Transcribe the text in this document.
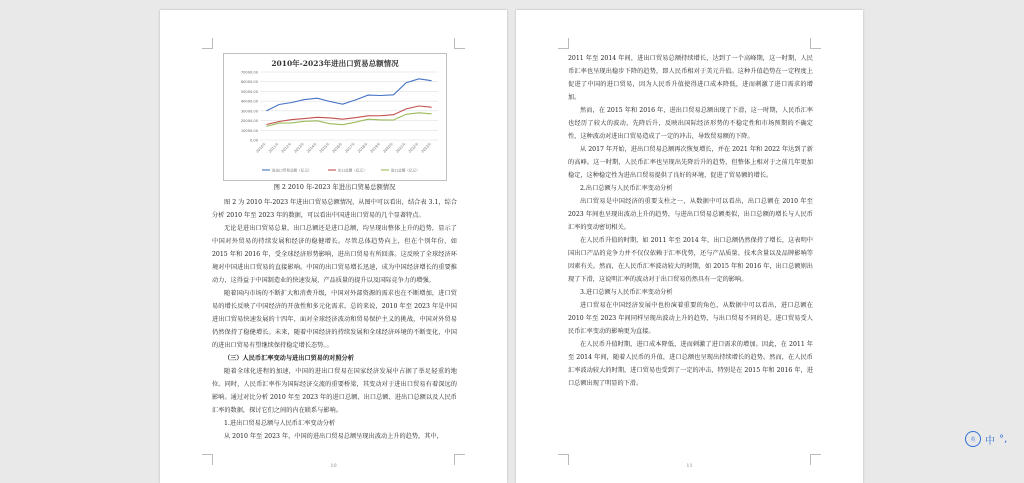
2010年-2023年进出口贸易总额情况
70000.00
60000.00
50000.00
40000.00
30000.00
20000.00
10000.00
0.00
2010年 2011年 2012年 2013年 2014年 2015年 2016年 2017年 2018年 2019年 2020年 2021年 2022年 2023年
进出口贸易总额（亿元）	出口总额（亿元）	进口总额（亿元）
图 2 2010 年-2023 年进出口贸易总额情况

图 2 为 2010 年-2023 年进出口贸易总额情况，从图中可以看出，结合表 3.1，综合分析 2010 年至 2023 年的数据，可以看出中国进出口贸易的几个显著特点。

无论是进出口贸易总量，出口总额还是进口总额，均呈现出整体上升的趋势，显示了中国对外贸易的持续发展和经济的稳健增长。尽管总体趋势向上，但在个别年份，如 2015 年和 2016 年，受全球经济形势影响，进出口贸易有所回落。这反映了全球经济环境对中国进出口贸易的直接影响。中国的出口贸易增长迅速，成为中国经济增长的重要推动力，这得益于中国制造业的快速发展，产品质量的提升以及国际竞争力的增强。

随着国内市场的不断扩大和消费升级，中国对外部资源的需求也在不断增加，进口贸易的增长反映了中国经济的开放性和多元化需求。总的来说，2010 年至 2023 年是中国进出口贸易快速发展的十四年，面对全球经济波动和贸易保护主义的挑战，中国对外贸易仍然保持了稳健增长。未来，随着中国经济的持续发展和全球经济环境的不断变化，中国的进出口贸易有望继续保持稳定增长态势。。

（三）人民币汇率变动与进出口贸易的对照分析

随着全球化进程的加速，中国的进出口贸易在国家经济发展中占据了举足轻重的地位。同时，人民币汇率作为国际经济交流的重要桥梁，其变动对于进出口贸易有着深远的影响。通过对比分析 2010 年至 2023 年的进口总额、出口总额、进出口总额以及人民币汇率的数据，探讨它们之间的内在联系与影响。

1.进出口贸易总额与人民币汇率变动分析

从 2010 年至 2023 年，中国的进出口贸易总额呈现出波动上升的趋势，其中，

10

2011 年至 2014 年间，进出口贸易总额持续增长，达到了一个高峰期，这一时期，人民币汇率也呈现出稳步下降的趋势，即人民币相对于美元升值。这种升值趋势在一定程度上促进了中国的进口贸易，因为人民币升值使得进口成本降低，进而刺激了进口需求的增加。

然而，在 2015 年和 2016 年，进出口贸易总额出现了下滑，这一时期，人民币汇率也经历了较大的波动，先降后升，反映出国际经济形势的不稳定性和市场预期的不确定性，这种波动对进出口贸易造成了一定的冲击，导致贸易额的下降。

从 2017 年开始，进出口贸易总额再次恢复增长，并在 2021 年和 2022 年达到了新的高峰。这一时期，人民币汇率也呈现出先降后升的趋势，但整体上相对于之前几年更加稳定，这种稳定性为进出口贸易提供了良好的环境，促进了贸易额的增长。

2.出口总额与人民币汇率变动分析

出口贸易是中国经济的重要支柱之一，从数据中可以看出，出口总额在 2010 年至 2023 年间也呈现出波动上升的趋势，与进出口贸易总额类似，出口总额的增长与人民币汇率的变动密切相关。

在人民币升值的时期，如 2011 年至 2014 年，出口总额仍然保持了增长，这表明中国出口产品的竞争力并不仅仅依赖于汇率优势，还与产品质量、技术含量以及品牌影响等因素有关。然而，在人民币汇率波动较大的时期，如 2015 年和 2016 年，出口总额则出现了下滑，这说明汇率的波动对于出口贸易仍然具有一定的影响。

3.进口总额与人民币汇率变动分析

进口贸易在中国经济发展中也扮演着重要的角色，从数据中可以看出，进口总额在 2010 年至 2023 年间同样呈现出波动上升的趋势，与出口贸易不同的是，进口贸易受人民币汇率变动的影响更为直接。

在人民币升值时期，进口成本降低，进而刺激了进口需求的增加。因此，在 2011 年至 2014 年间，随着人民币的升值，进口总额也呈现出持续增长的趋势。然而，在人民币汇率波动较大的时期，进口贸易也受到了一定的冲击，特别是在 2015 年和 2016 年，进口总额出现了明显的下滑。

11
英 中 °,
